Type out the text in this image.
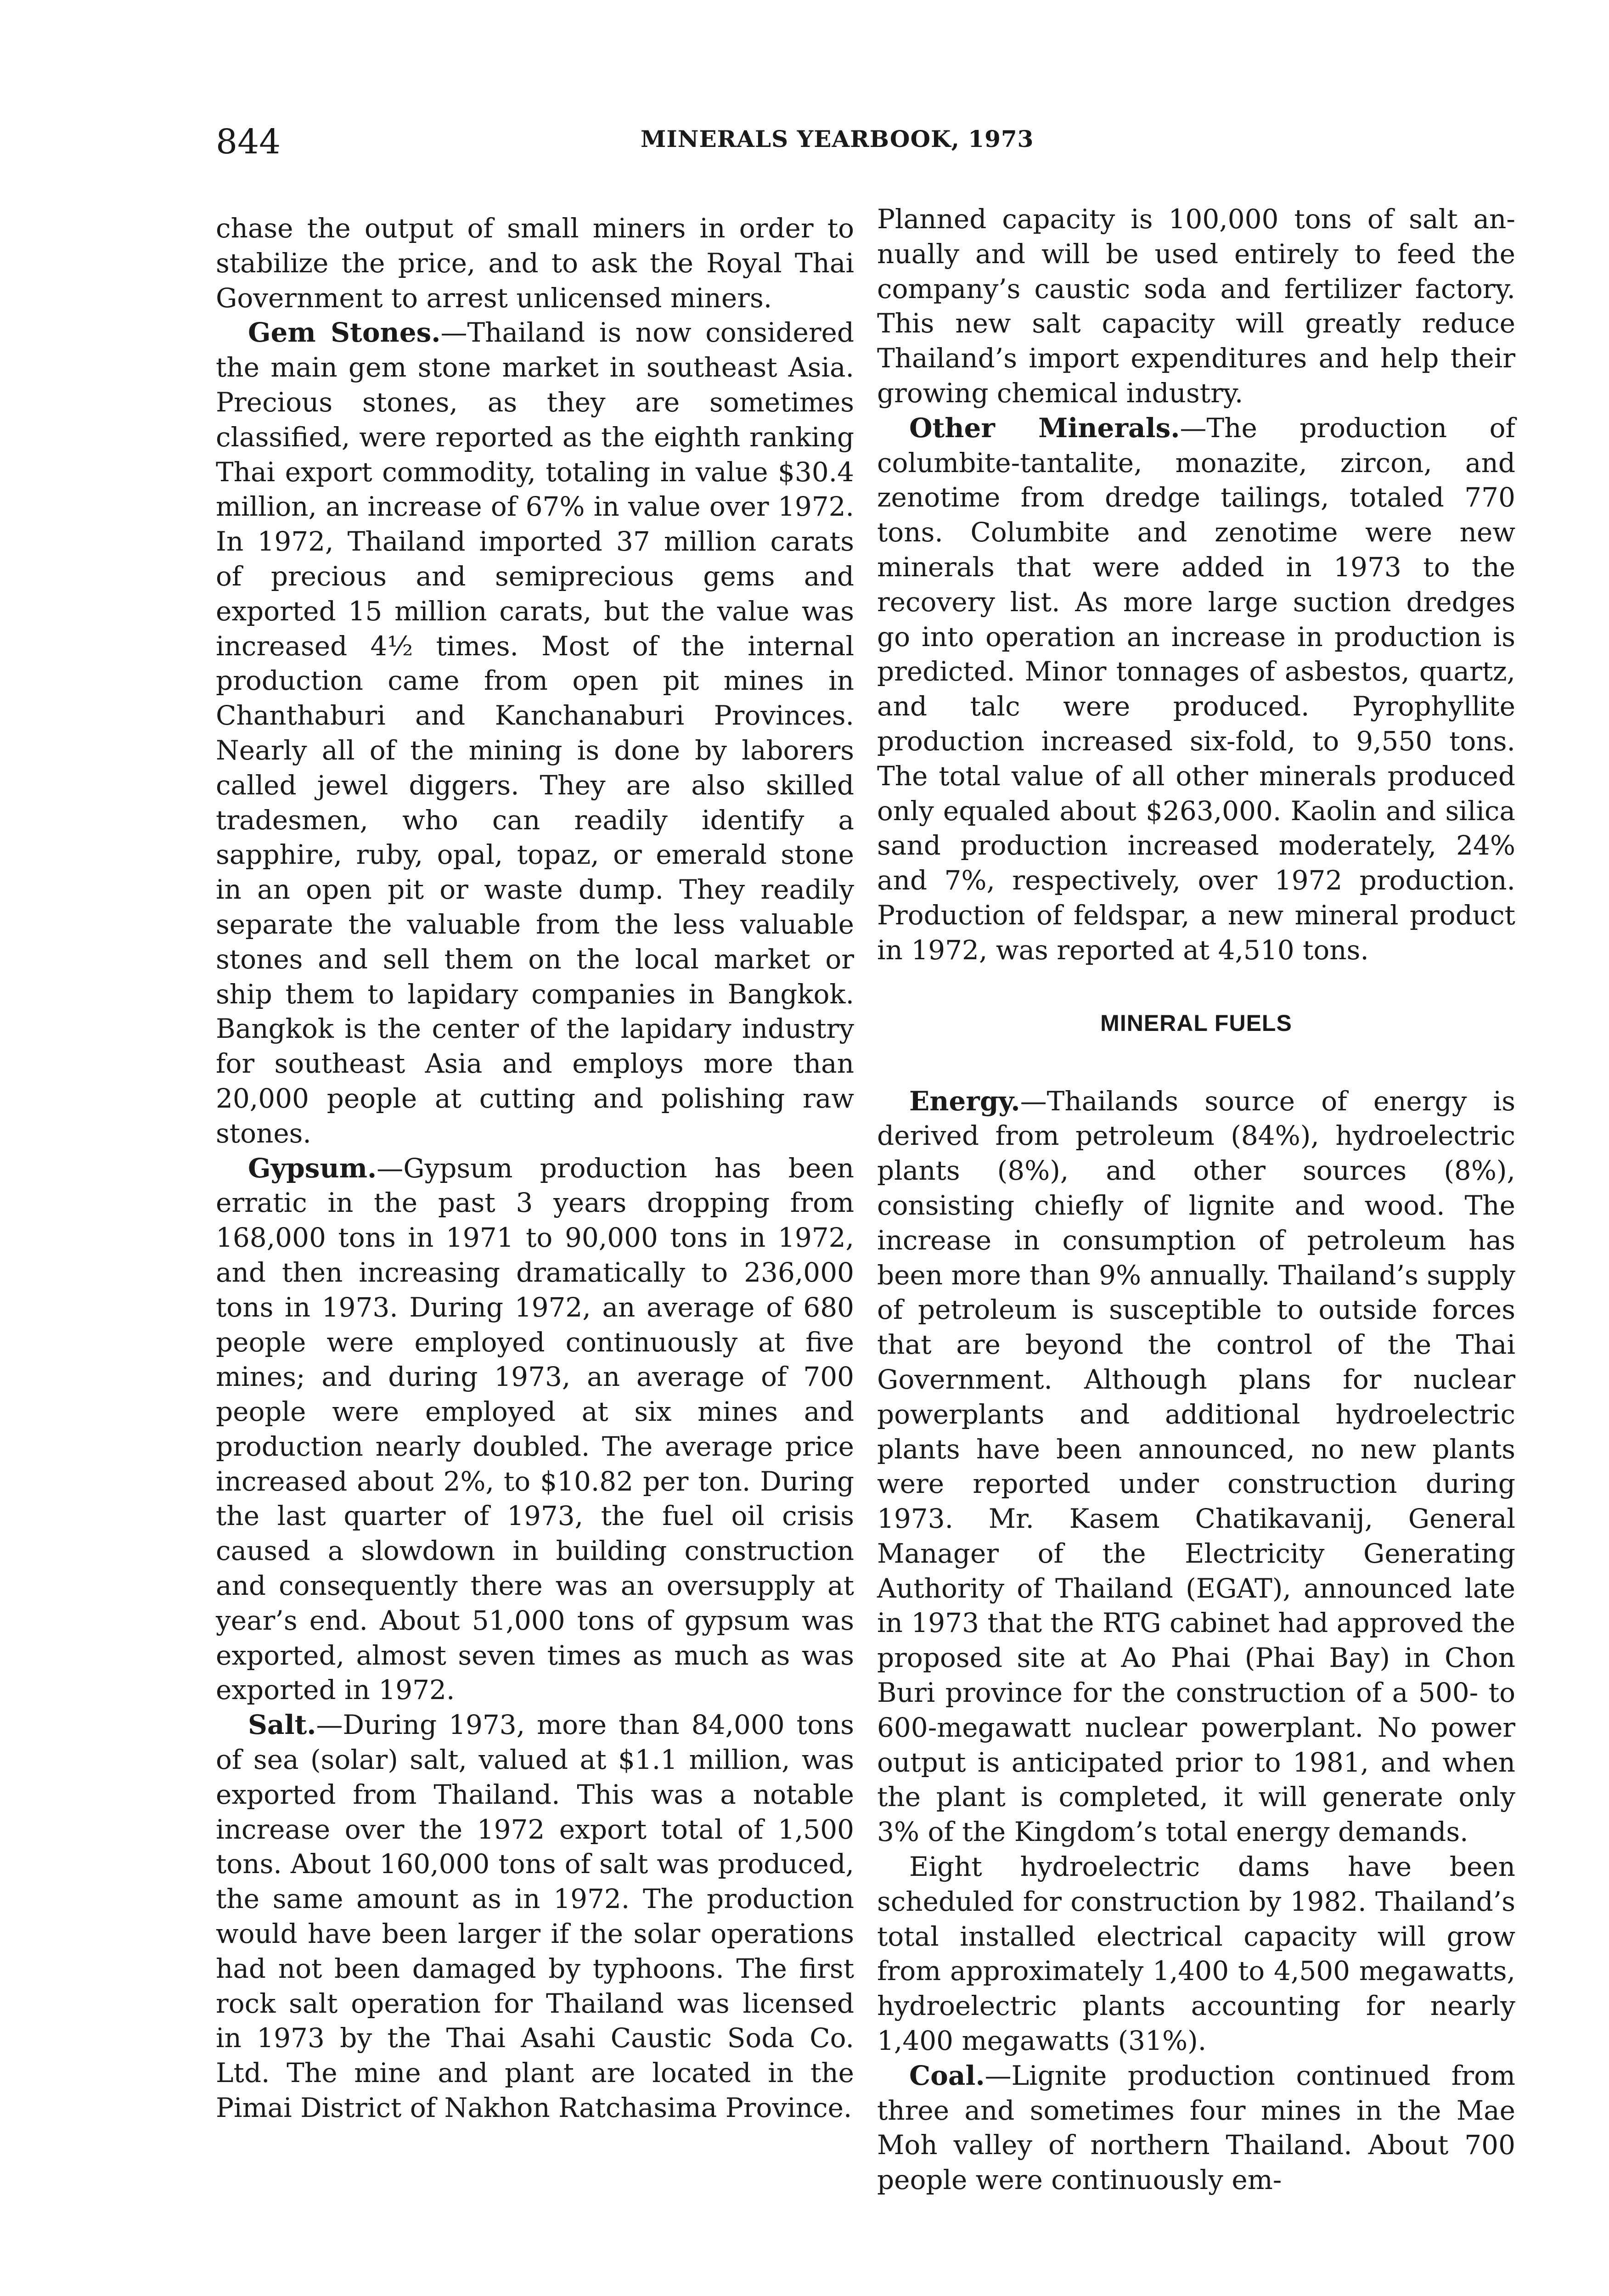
844	MINERALS YEARBOOK, 1973

chase the output of small miners in order to stabilize the price, and to ask the Royal Thai Government to arrest unlicensed miners.

Gem Stones.—Thailand is now considered the main gem stone market in southeast Asia. Precious stones, as they are sometimes classified, were reported as the eighth ranking Thai export commodity, totaling in value $30.4 million, an increase of 67% in value over 1972. In 1972, Thailand imported 37 million carats of precious and semiprecious gems and exported 15 million carats, but the value was increased 4½ times. Most of the internal production came from open pit mines in Chanthaburi and Kanchanaburi Provinces. Nearly all of the mining is done by laborers called jewel diggers. They are also skilled tradesmen, who can readily identify a sapphire, ruby, opal, topaz, or emerald stone in an open pit or waste dump. They readily separate the valuable from the less valuable stones and sell them on the local market or ship them to lapidary companies in Bangkok. Bangkok is the center of the lapidary industry for southeast Asia and employs more than 20,000 people at cutting and polishing raw stones.

Gypsum.—Gypsum production has been erratic in the past 3 years dropping from 168,000 tons in 1971 to 90,000 tons in 1972, and then increasing dramatically to 236,000 tons in 1973. During 1972, an average of 680 people were employed continuously at five mines; and during 1973, an average of 700 people were employed at six mines and production nearly doubled. The average price increased about 2%, to $10.82 per ton. During the last quarter of 1973, the fuel oil crisis caused a slowdown in building construction and consequently there was an oversupply at year’s end. About 51,000 tons of gypsum was exported, almost seven times as much as was exported in 1972.

Salt.—During 1973, more than 84,000 tons of sea (solar) salt, valued at $1.1 million, was exported from Thailand. This was a notable increase over the 1972 export total of 1,500 tons. About 160,000 tons of salt was produced, the same amount as in 1972. The production would have been larger if the solar operations had not been damaged by typhoons. The first rock salt operation for Thailand was licensed in 1973 by the Thai Asahi Caustic Soda Co. Ltd. The mine and plant are located in the Pimai District of Nakhon Ratchasima Province.

Planned capacity is 100,000 tons of salt annually and will be used entirely to feed the company’s caustic soda and fertilizer factory. This new salt capacity will greatly reduce Thailand’s import expenditures and help their growing chemical industry.

Other Minerals.—The production of columbite-tantalite, monazite, zircon, and zenotime from dredge tailings, totaled 770 tons. Columbite and zenotime were new minerals that were added in 1973 to the recovery list. As more large suction dredges go into operation an increase in production is predicted. Minor tonnages of asbestos, quartz, and talc were produced. Pyrophyllite production increased six-fold, to 9,550 tons. The total value of all other minerals produced only equaled about $263,000. Kaolin and silica sand production increased moderately, 24% and 7%, respectively, over 1972 production. Production of feldspar, a new mineral product in 1972, was reported at 4,510 tons.

MINERAL FUELS

Energy.—Thailands source of energy is derived from petroleum (84%), hydroelectric plants (8%), and other sources (8%), consisting chiefly of lignite and wood. The increase in consumption of petroleum has been more than 9% annually. Thailand’s supply of petroleum is susceptible to outside forces that are beyond the control of the Thai Government. Although plans for nuclear powerplants and additional hydroelectric plants have been announced, no new plants were reported under construction during 1973. Mr. Kasem Chatikavanij, General Manager of the Electricity Generating Authority of Thailand (EGAT), announced late in 1973 that the RTG cabinet had approved the proposed site at Ao Phai (Phai Bay) in Chon Buri province for the construction of a 500- to 600-megawatt nuclear powerplant. No power output is anticipated prior to 1981, and when the plant is completed, it will generate only 3% of the Kingdom’s total energy demands.

Eight hydroelectric dams have been scheduled for construction by 1982. Thailand’s total installed electrical capacity will grow from approximately 1,400 to 4,500 megawatts, hydroelectric plants accounting for nearly 1,400 megawatts (31%).

Coal.—Lignite production continued from three and sometimes four mines in the Mae Moh valley of northern Thailand. About 700 people were continuously em-
